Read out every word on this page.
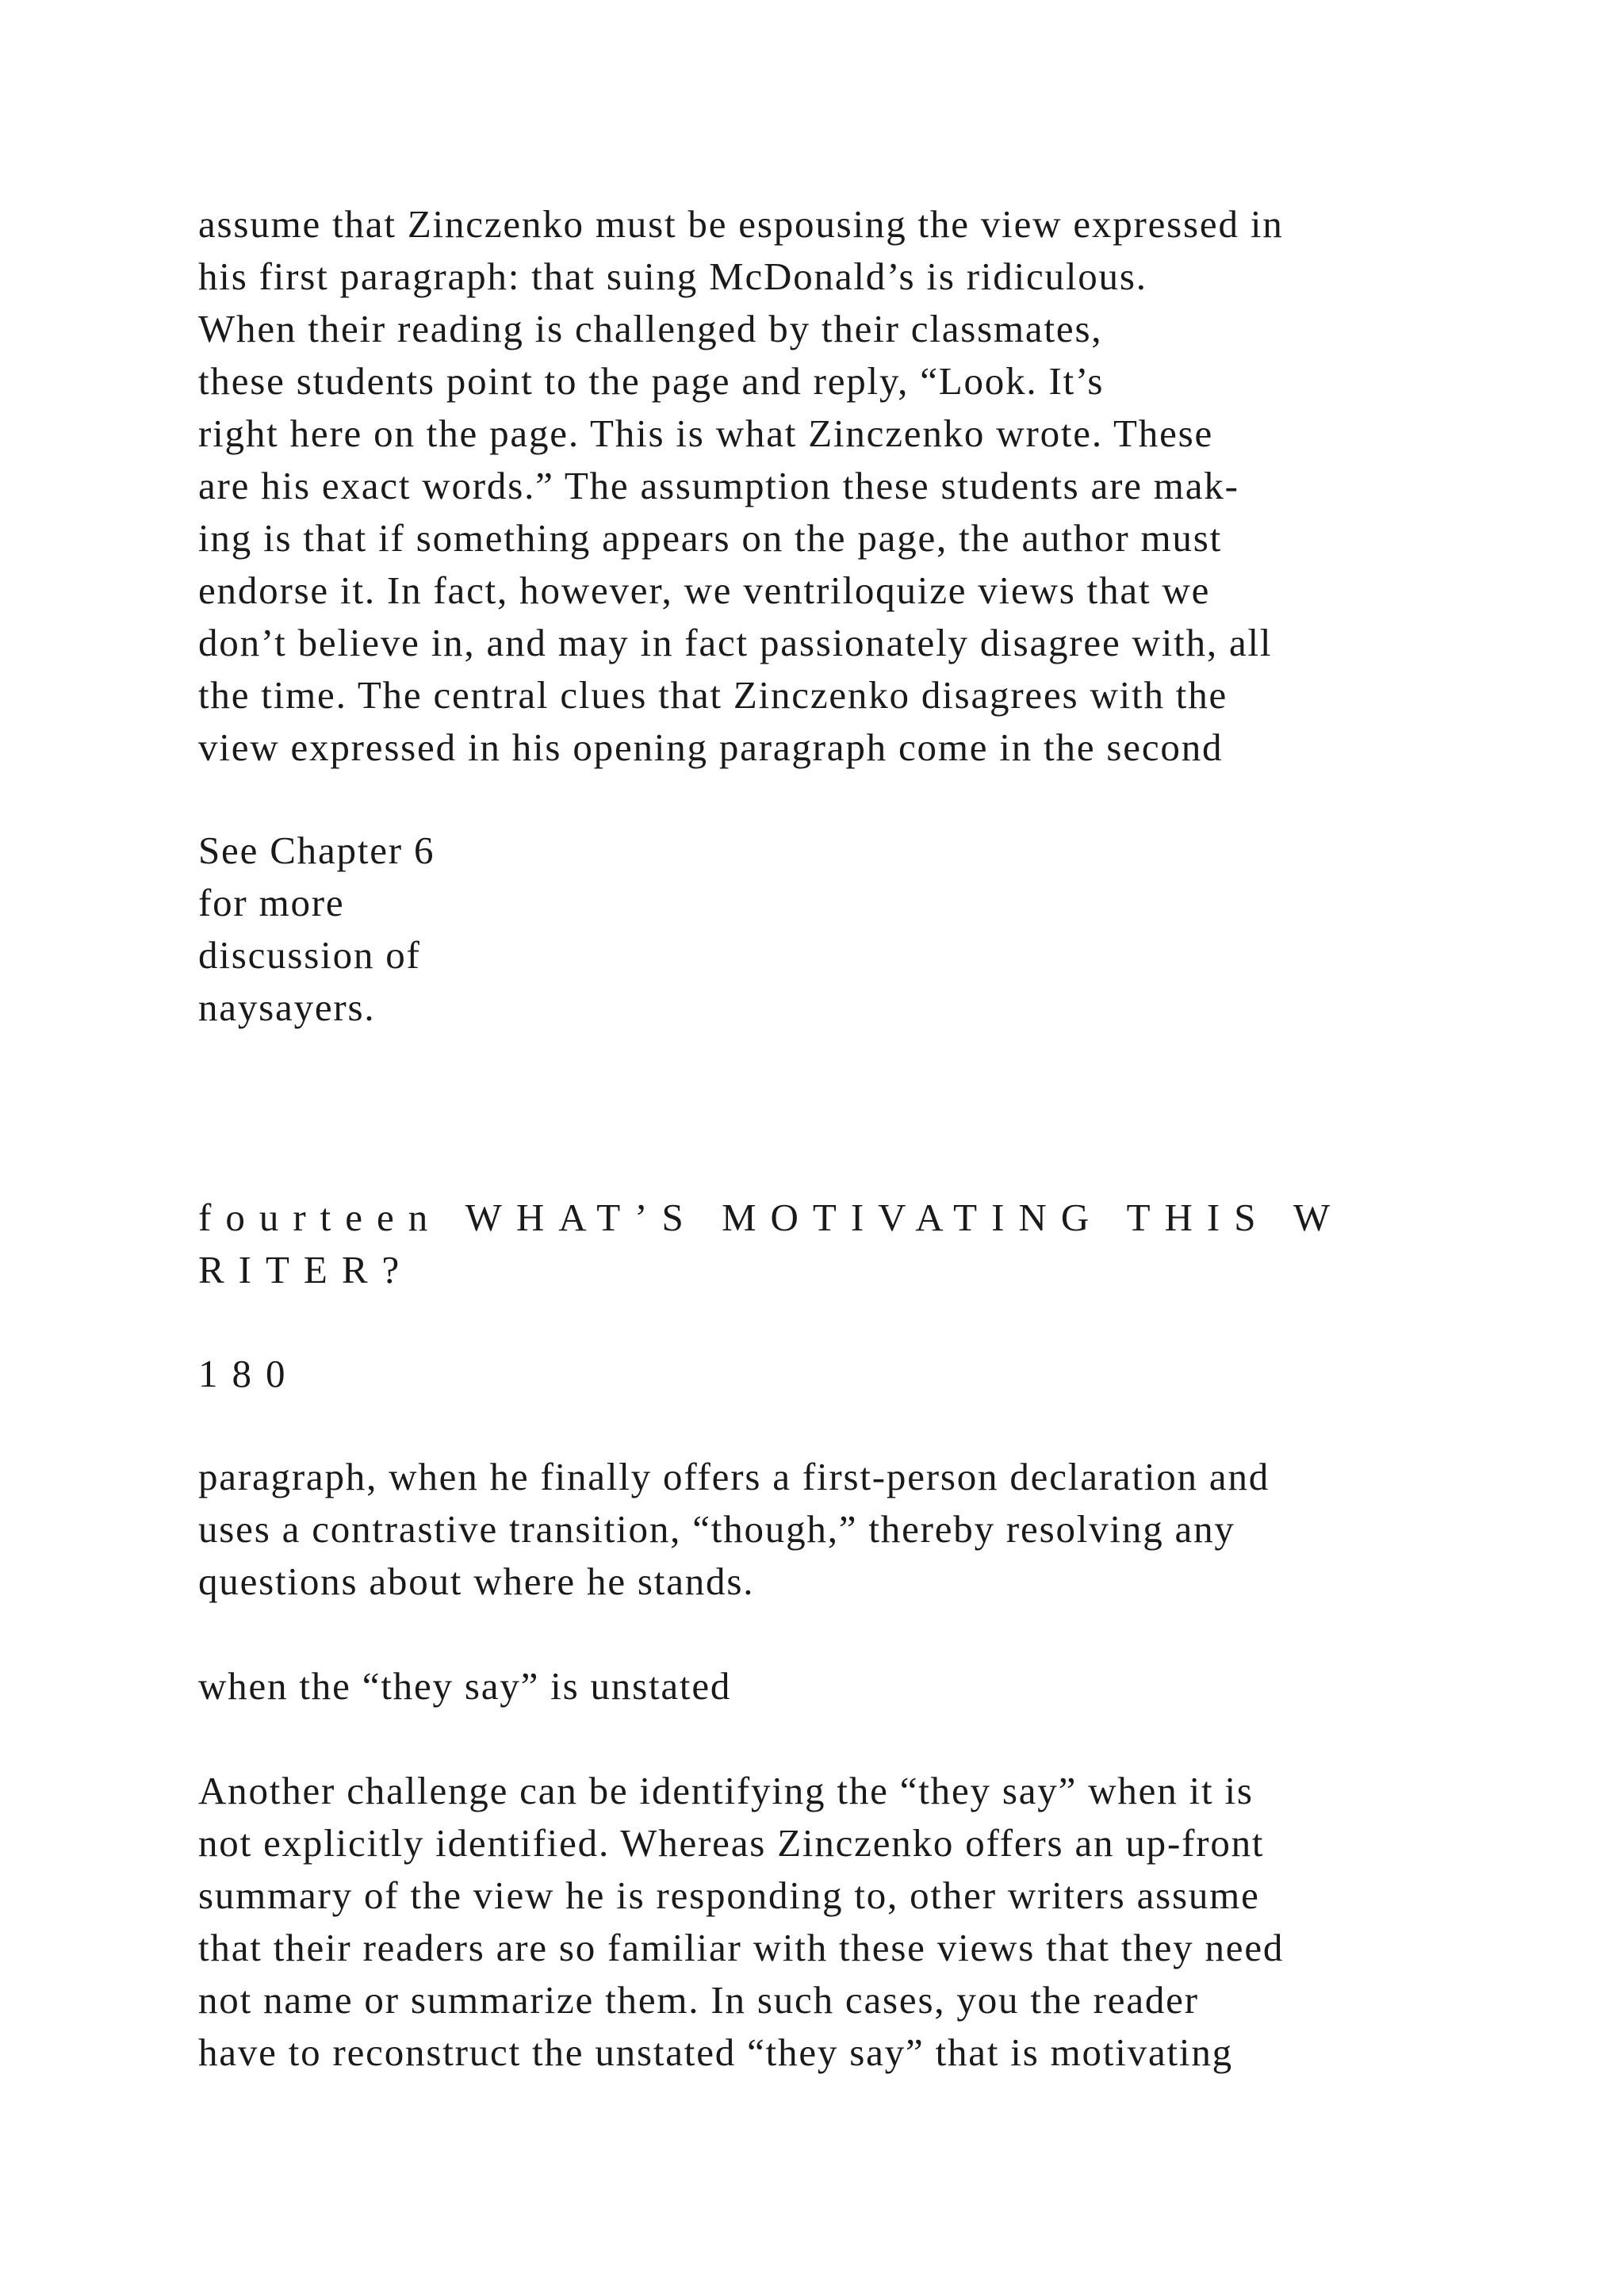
assume that Zinczenko must be espousing the view expressed in
his first paragraph: that suing McDonald’s is ridiculous.
When their reading is challenged by their classmates,
these students point to the page and reply, “Look. It’s
right here on the page. This is what Zinczenko wrote. These
are his exact words.” The assumption these students are mak-
ing is that if something appears on the page, the author must
endorse it. In fact, however, we ventriloquize views that we
don’t believe in, and may in fact passionately disagree with, all
the time. The central clues that Zinczenko disagrees with the
view expressed in his opening paragraph come in the second
See Chapter 6
for more
discussion of
naysayers.
fourteen WHAT’S MOTIVATING THIS W
RITER?
180
paragraph, when he finally offers a first-person declaration and
uses a contrastive transition, “though,” thereby resolving any
questions about where he stands.
when the “they say” is unstated
Another challenge can be identifying the “they say” when it is
not explicitly identified. Whereas Zinczenko offers an up-front
summary of the view he is responding to, other writers assume
that their readers are so familiar with these views that they need
not name or summarize them. In such cases, you the reader
have to reconstruct the unstated “they say” that is motivating
